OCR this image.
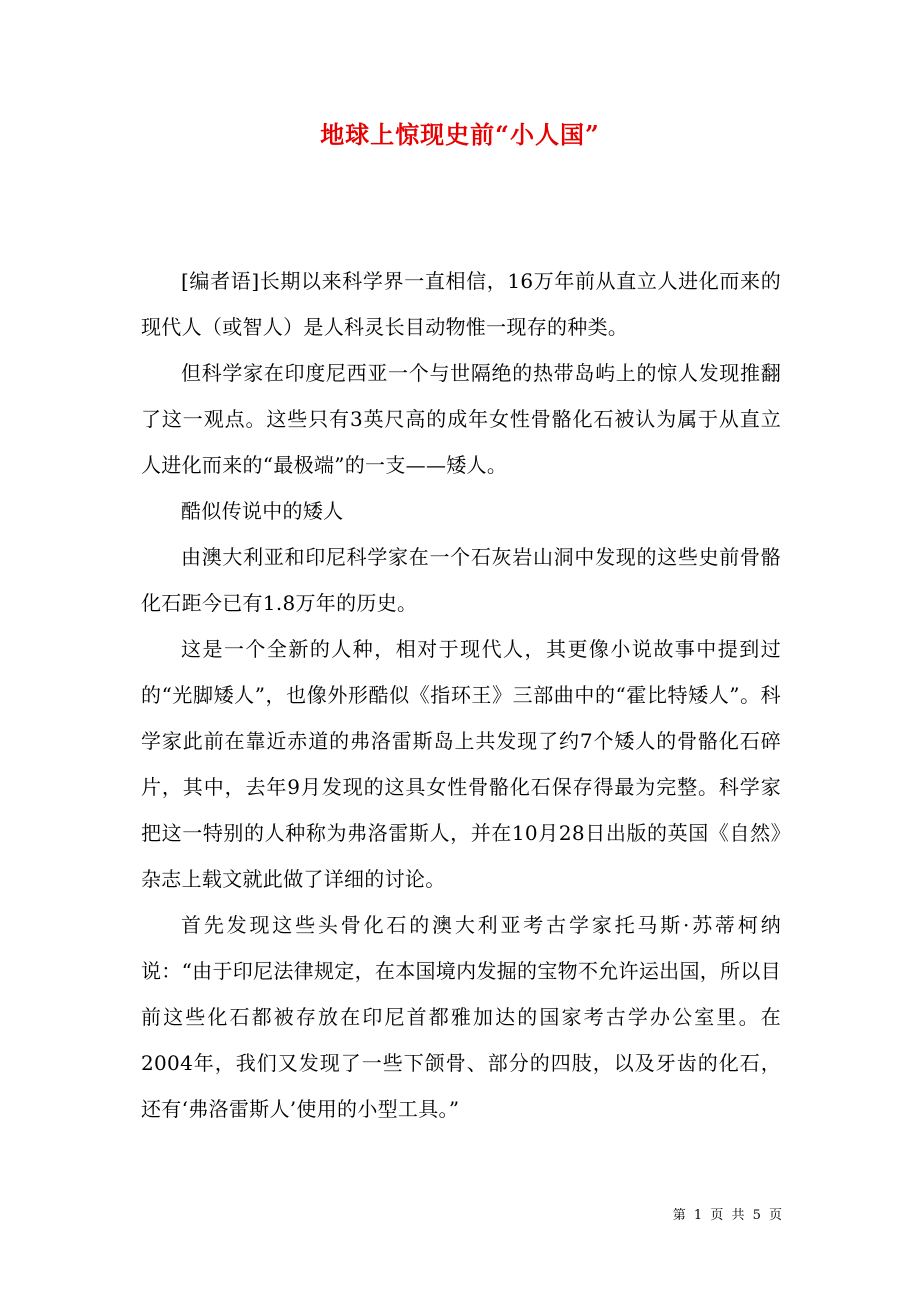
地球上惊现史前“小人国”

[编者语]长期以来科学界一直相信，16万年前从直立人进化而来的现代人（或智人）是人科灵长目动物惟一现存的种类。

但科学家在印度尼西亚一个与世隔绝的热带岛屿上的惊人发现推翻了这一观点。这些只有3英尺高的成年女性骨骼化石被认为属于从直立人进化而来的“最极端”的一支——矮人。

酷似传说中的矮人

由澳大利亚和印尼科学家在一个石灰岩山洞中发现的这些史前骨骼化石距今已有1.8万年的历史。

这是一个全新的人种，相对于现代人，其更像小说故事中提到过的“光脚矮人”，也像外形酷似《指环王》三部曲中的“霍比特矮人”。科学家此前在靠近赤道的弗洛雷斯岛上共发现了约7个矮人的骨骼化石碎片，其中，去年9月发现的这具女性骨骼化石保存得最为完整。科学家把这一特别的人种称为弗洛雷斯人，并在10月28日出版的英国《自然》杂志上载文就此做了详细的讨论。

首先发现这些头骨化石的澳大利亚考古学家托马斯·苏蒂柯纳说：“由于印尼法律规定，在本国境内发掘的宝物不允许运出国，所以目前这些化石都被存放在印尼首都雅加达的国家考古学办公室里。在2004年，我们又发现了一些下颌骨、部分的四肢，以及牙齿的化石，还有‘弗洛雷斯人’使用的小型工具。”

第 1 页 共 5 页
